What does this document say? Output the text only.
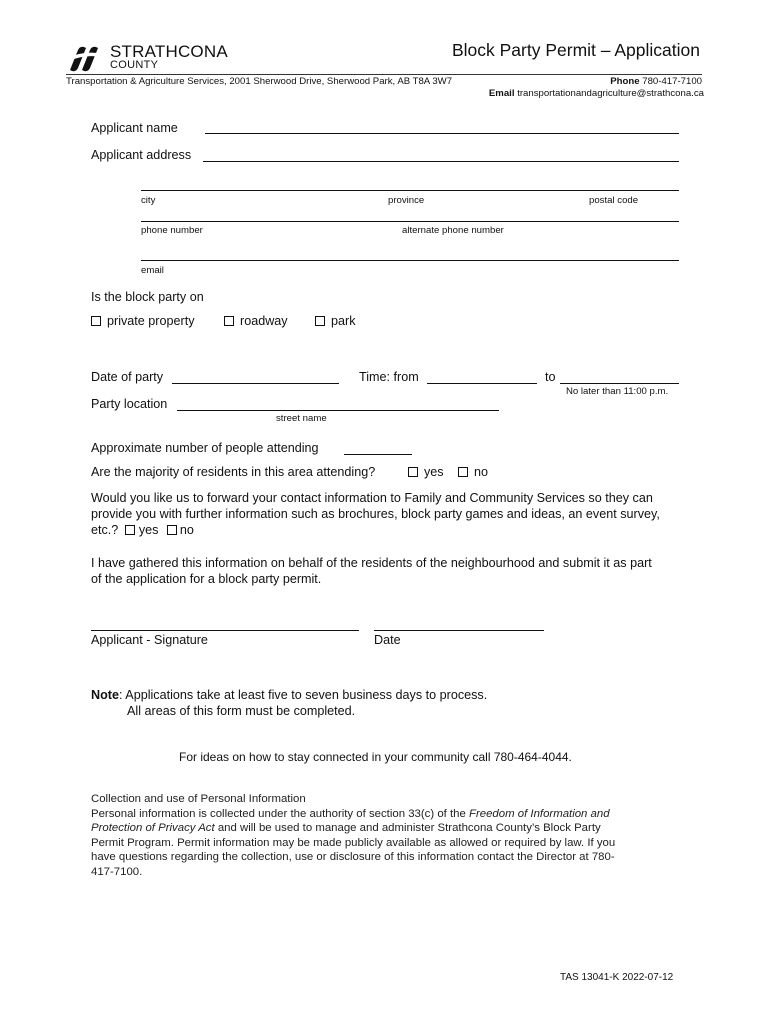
STRATHCONA
COUNTY
Block Party Permit – Application
Transportation & Agriculture Services, 2001 Sherwood Drive, Sherwood Park, AB T8A 3W7	Phone 780-417-7100
Email transportationandagriculture@strathcona.ca
Applicant name
Applicant address
city	province	postal code
phone number	alternate phone number
email
Is the block party on
private property	roadway	park
Date of party	Time: from	to
No later than 11:00 p.m.
Party location
street name
Approximate number of people attending
Are the majority of residents in this area attending?	yes	no
Would you like us to forward your contact information to Family and Community Services so they can
provide you with further information such as brochures, block party games and ideas, an event survey,
etc.? yes no
I have gathered this information on behalf of the residents of the neighbourhood and submit it as part
of the application for a block party permit.
Applicant - Signature	Date
Note: Applications take at least five to seven business days to process.
All areas of this form must be completed.
For ideas on how to stay connected in your community call 780-464-4044.
Collection and use of Personal Information
Personal information is collected under the authority of section 33(c) of the Freedom of Information and
Protection of Privacy Act and will be used to manage and administer Strathcona County’s Block Party
Permit Program. Permit information may be made publicly available as allowed or required by law. If you
have questions regarding the collection, use or disclosure of this information contact the Director at 780-
417-7100.
TAS 13041-K 2022-07-12
